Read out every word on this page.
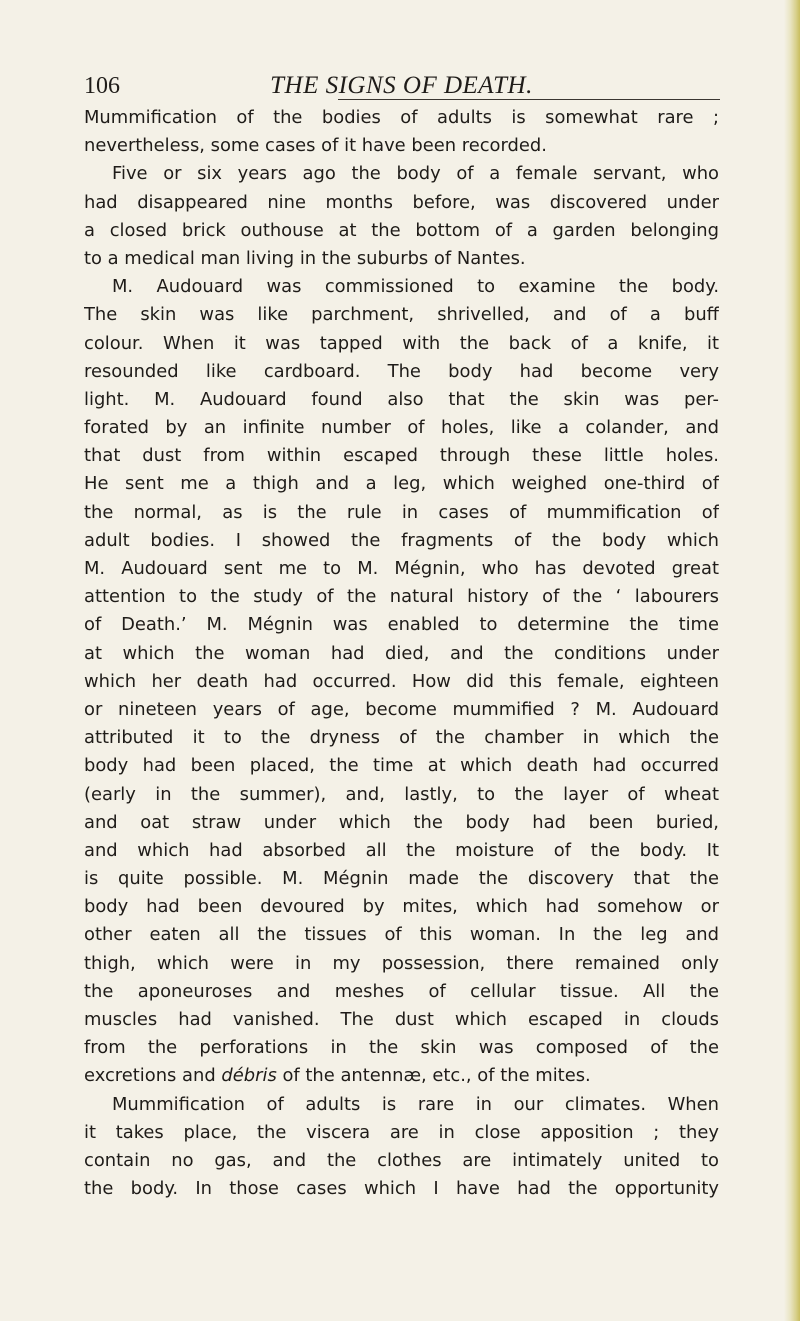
106	THE SIGNS OF DEATH.
Mummification of the bodies of adults is somewhat rare ;
nevertheless, some cases of it have been recorded.
Five or six years ago the body of a female servant, who
had disappeared nine months before, was discovered under
a closed brick outhouse at the bottom of a garden belonging
to a medical man living in the suburbs of Nantes.
M. Audouard was commissioned to examine the body.
The skin was like parchment, shrivelled, and of a buff
colour. When it was tapped with the back of a knife, it
resounded like cardboard. The body had become very
light. M. Audouard found also that the skin was per-
forated by an infinite number of holes, like a colander, and
that dust from within escaped through these little holes.
He sent me a thigh and a leg, which weighed one-third of
the normal, as is the rule in cases of mummification of
adult bodies. I showed the fragments of the body which
M. Audouard sent me to M. Mégnin, who has devoted great
attention to the study of the natural history of the ‘ labourers
of Death.’ M. Mégnin was enabled to determine the time
at which the woman had died, and the conditions under
which her death had occurred. How did this female, eighteen
or nineteen years of age, become mummified ? M. Audouard
attributed it to the dryness of the chamber in which the
body had been placed, the time at which death had occurred
(early in the summer), and, lastly, to the layer of wheat
and oat straw under which the body had been buried,
and which had absorbed all the moisture of the body. It
is quite possible. M. Mégnin made the discovery that the
body had been devoured by mites, which had somehow or
other eaten all the tissues of this woman. In the leg and
thigh, which were in my possession, there remained only
the aponeuroses and meshes of cellular tissue. All the
muscles had vanished. The dust which escaped in clouds
from the perforations in the skin was composed of the
excretions and débris of the antennæ, etc., of the mites.
Mummification of adults is rare in our climates. When
it takes place, the viscera are in close apposition ; they
contain no gas, and the clothes are intimately united to
the body. In those cases which I have had the opportunity
